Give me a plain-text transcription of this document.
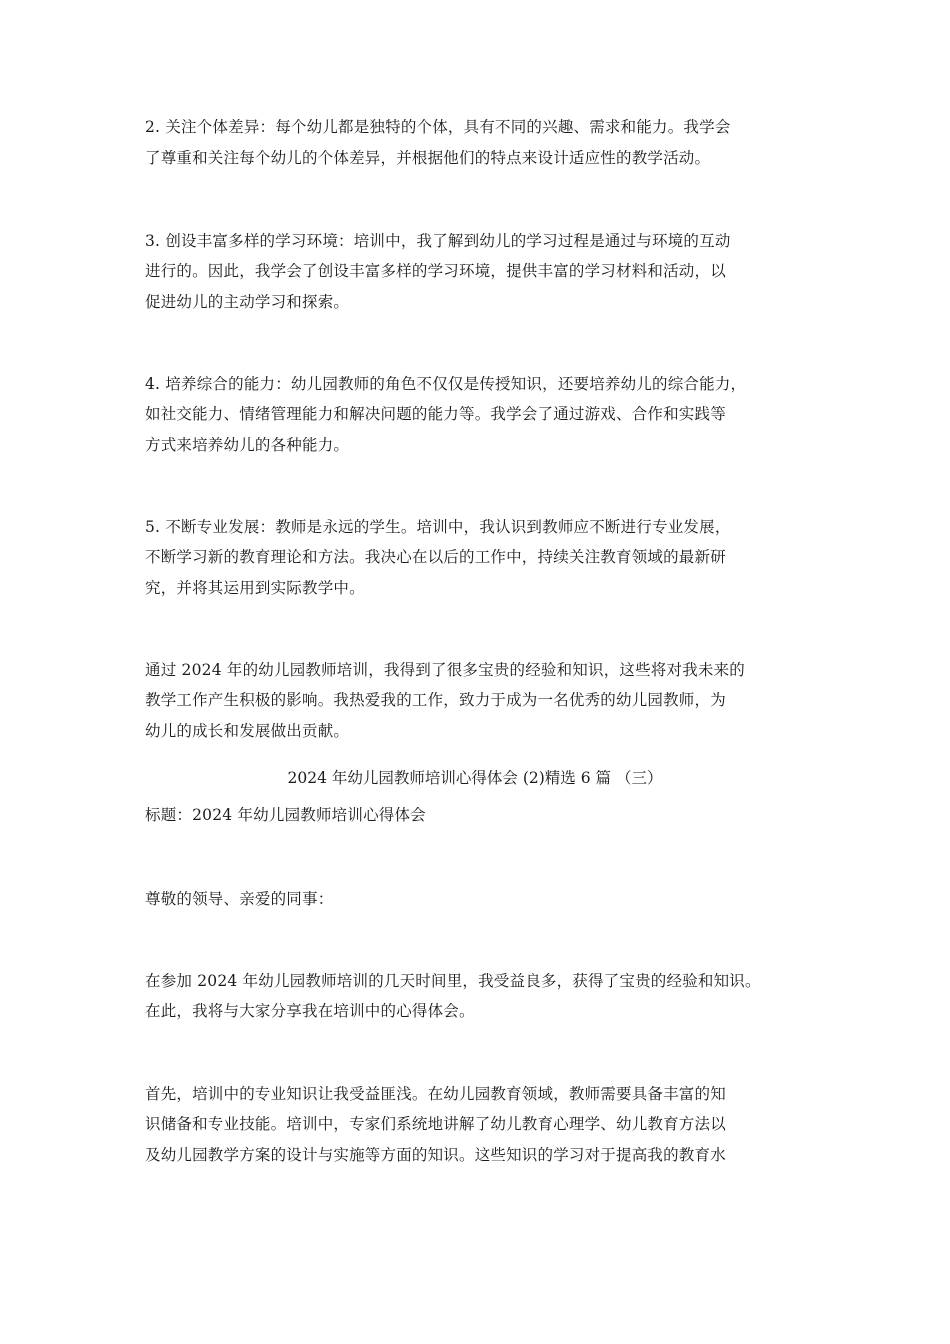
2. 关注个体差异：每个幼儿都是独特的个体，具有不同的兴趣、需求和能力。我学会
了尊重和关注每个幼儿的个体差异，并根据他们的特点来设计适应性的教学活动。
3. 创设丰富多样的学习环境：培训中，我了解到幼儿的学习过程是通过与环境的互动
进行的。因此，我学会了创设丰富多样的学习环境，提供丰富的学习材料和活动，以
促进幼儿的主动学习和探索。
4. 培养综合的能力：幼儿园教师的角色不仅仅是传授知识，还要培养幼儿的综合能力，
如社交能力、情绪管理能力和解决问题的能力等。我学会了通过游戏、合作和实践等
方式来培养幼儿的各种能力。
5. 不断专业发展：教师是永远的学生。培训中，我认识到教师应不断进行专业发展，
不断学习新的教育理论和方法。我决心在以后的工作中，持续关注教育领域的最新研
究，并将其运用到实际教学中。
通过 2024 年的幼儿园教师培训，我得到了很多宝贵的经验和知识，这些将对我未来的
教学工作产生积极的影响。我热爱我的工作，致力于成为一名优秀的幼儿园教师，为
幼儿的成长和发展做出贡献。
2024 年幼儿园教师培训心得体会 (2)精选 6 篇 （三）
标题：2024 年幼儿园教师培训心得体会
尊敬的领导、亲爱的同事：
在参加 2024 年幼儿园教师培训的几天时间里，我受益良多，获得了宝贵的经验和知识。
在此，我将与大家分享我在培训中的心得体会。
首先，培训中的专业知识让我受益匪浅。在幼儿园教育领域，教师需要具备丰富的知
识储备和专业技能。培训中，专家们系统地讲解了幼儿教育心理学、幼儿教育方法以
及幼儿园教学方案的设计与实施等方面的知识。这些知识的学习对于提高我的教育水
